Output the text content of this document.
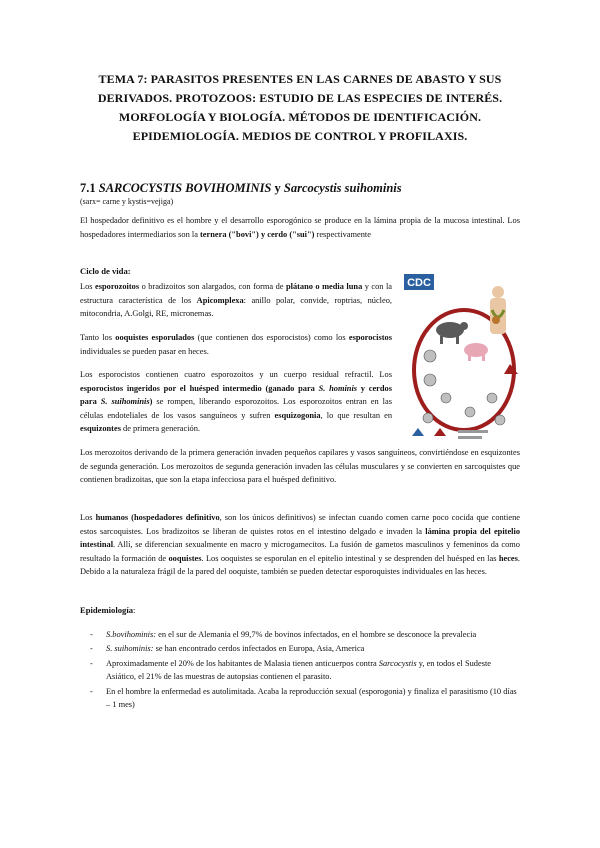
TEMA 7: PARASITOS PRESENTES EN LAS CARNES DE ABASTO Y SUS DERIVADOS. PROTOZOOS: ESTUDIO DE LAS ESPECIES DE INTERÉS. MORFOLOGÍA Y BIOLOGÍA. MÉTODOS DE IDENTIFICACIÓN. EPIDEMIOLOGÍA. MEDIOS DE CONTROL Y PROFILAXIS.
7.1 SARCOCYSTIS BOVIHOMINIS y Sarcocystis suihominis
(sarx= carne y kystis=vejiga)
El hospedador definitivo es el hombre y el desarrollo esporogónico se produce en la lámina propia de la mucosa intestinal. Los hospedadores intermediarios son la ternera ("bovi") y cerdo ("sui") respectivamente
Ciclo de vida:
Los esporozoitos o bradizoitos son alargados, con forma de plátano o media luna y con la estructura característica de los Apicomplexa: anillo polar, convide, roptrias, núcleo, mitocondria, A.Golgi, RE, micronemas.
Tanto los ooquistes esporulados (que contienen dos esporocistos) como los esporocistos individuales se pueden pasar en heces.
Los esporocistos contienen cuatro esporozoitos y un cuerpo residual refractil. Los esporocistos ingeridos por el huésped intermedio (ganado para S. hominis y cerdos para S. suihominis) se rompen, liberando esporozoitos. Los esporozoitos entran en las células endoteliales de los vasos sanguíneos y sufren esquizogonia, lo que resultan en esquizontes de primera generación.
CDC
Los merozoitos derivando de la primera generación invaden pequeños capilares y vasos sanguíneos, convirtiéndose en esquizontes de segunda generación. Los merozoitos de segunda generación invaden las células musculares y se convierten en sarcoquistes que contienen bradizoitas, que son la etapa infecciosa para el huésped definitivo.
Los humanos (hospedadores definitivo, son los únicos definitivos) se infectan cuando comen carne poco cocida que contiene estos sarcoquistes. Los bradizoitos se liberan de quistes rotos en el intestino delgado e invaden la lámina propia del epitelio intestinal. Allí, se diferencian sexualmente en macro y microgamecitos. La fusión de gametos masculinos y femeninos da como resultado la formación de ooquistes. Los ooquistes se esporulan en el epitelio intestinal y se desprenden del huésped en las heces. Debido a la naturaleza frágil de la pared del ooquiste, también se pueden detectar esporoquistes individuales en las heces.
Epidemiología:
- S.bovihominis: en el sur de Alemania el 99,7% de bovinos infectados, en el hombre se desconoce la prevalecia
- S. suihominis: se han encontrado cerdos infectados en Europa, Asia, America
- Aproximadamente el 20% de los habitantes de Malasia tienen anticuerpos contra Sarcocystis y, en todos el Sudeste Asiático, el 21% de las muestras de autopsias contienen el parasito.
- En el hombre la enfermedad es autolimitada. Acaba la reproducción sexual (esporogonia) y finaliza el parasitismo (10 días – 1 mes)
